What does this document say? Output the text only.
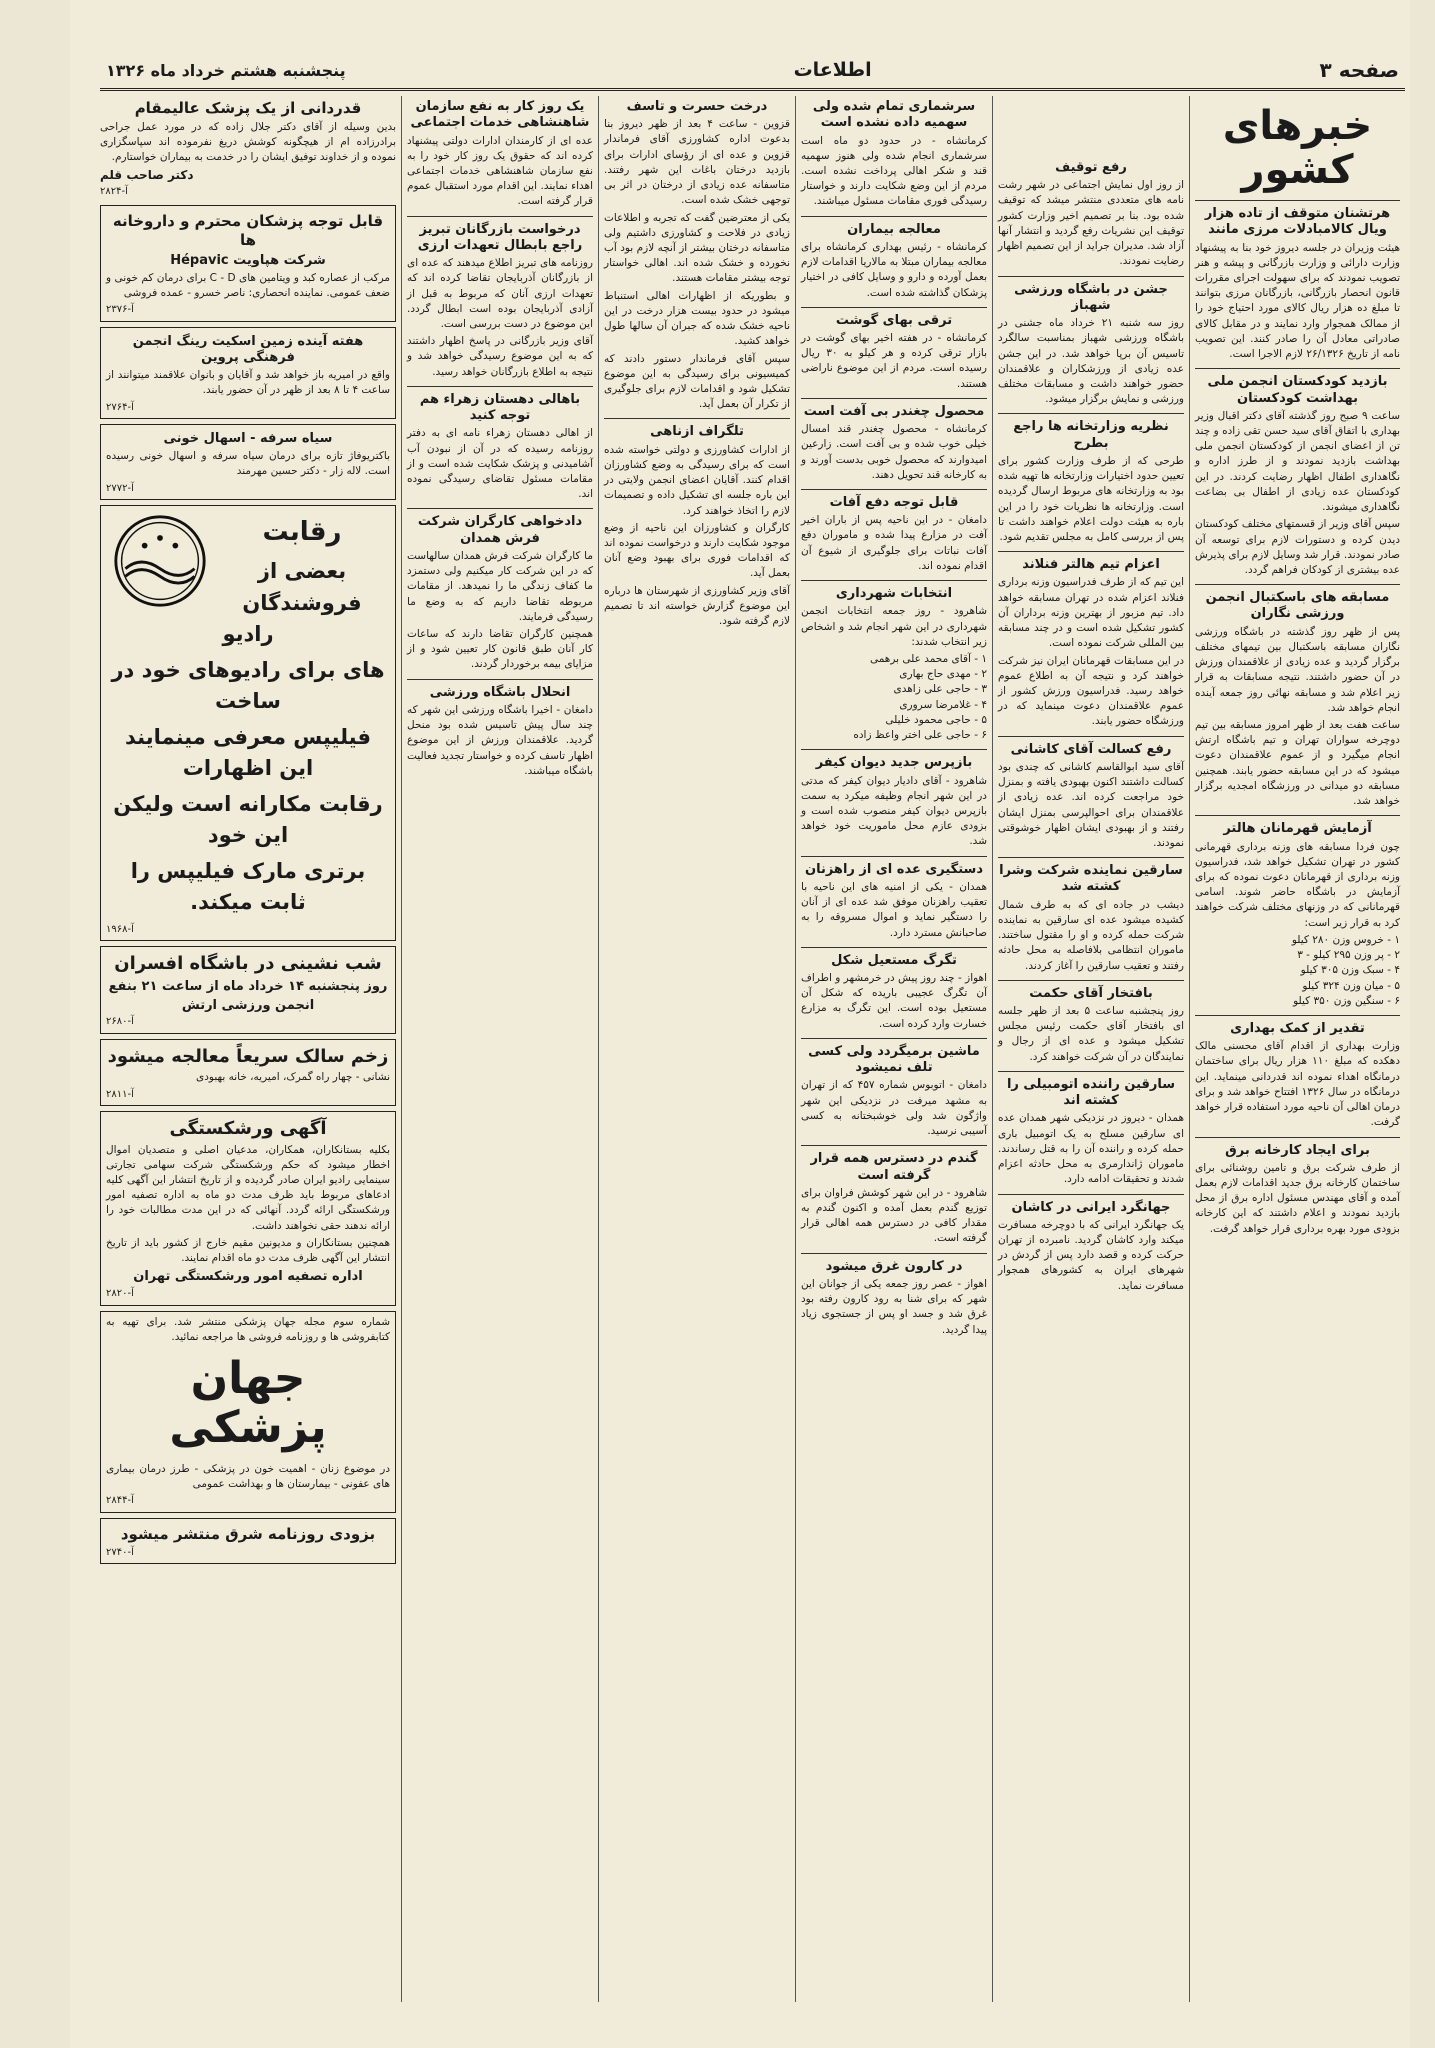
صفحه ۳
اطلاعات
پنجشنبه هشتم خرداد ماه ۱۳۲۶
خبرهای کشور
هرتشنان متوقف از تاده هزار ویال کالامبادلات مرزی مانند

هیئت وزیران در جلسه دیروز خود بنا به پیشنهاد وزارت دارائی و وزارت بازرگانی و پیشه و هنر تصویب نمودند که برای سهولت اجرای مقررات قانون انحصار بازرگانی، بازرگانان مرزی بتوانند تا مبلغ ده هزار ریال کالای مورد احتیاج خود را از ممالک همجوار وارد نمایند و در مقابل کالای صادراتی معادل آن را صادر کنند. این تصویب نامه از تاریخ ۲۶/۱۳۲۶ لازم الاجرا است.

بازدید کودکستان انجمن ملی بهداشت کودکستان

ساعت ۹ صبح روز گذشته آقای دکتر اقبال وزیر بهداری با اتفاق آقای سید حسن تقی زاده و چند تن از اعضای انجمن از کودکستان انجمن ملی بهداشت بازدید نمودند و از طرز اداره و نگاهداری اطفال اظهار رضایت کردند. در این کودکستان عده زیادی از اطفال بی بضاعت نگاهداری میشوند.

سپس آقای وزیر از قسمتهای مختلف کودکستان دیدن کرده و دستورات لازم برای توسعه آن صادر نمودند. قرار شد وسایل لازم برای پذیرش عده بیشتری از کودکان فراهم گردد.

مسابقه های باسکتبال انجمن ورزشی نگاران

پس از ظهر روز گذشته در باشگاه ورزشی نگاران مسابقه باسکتبال بین تیمهای مختلف برگزار گردید و عده زیادی از علاقمندان ورزش در آن حضور داشتند. نتیجه مسابقات به قرار زیر اعلام شد و مسابقه نهائی روز جمعه آینده انجام خواهد شد.

ساعت هفت بعد از ظهر امروز مسابقه بین تیم دوچرخه سواران تهران و تیم باشگاه ارتش انجام میگیرد و از عموم علاقمندان دعوت میشود که در این مسابقه حضور یابند. همچنین مسابقه دو میدانی در ورزشگاه امجدیه برگزار خواهد شد.

آزمایش قهرمانان هالتر

چون فردا مسابقه های وزنه برداری قهرمانی کشور در تهران تشکیل خواهد شد، فدراسیون وزنه برداری از قهرمانان دعوت نموده که برای آزمایش در باشگاه حاضر شوند. اسامی قهرمانانی که در وزنهای مختلف شرکت خواهند کرد به قرار زیر است:

۱ - خروس وزن ۲۸۰ کیلو

۲ - پر وزن ۲۹۵ کیلو - ۳

۴ - سبک وزن ۳۰۵ کیلو

۵ - میان وزن ۳۲۴ کیلو

۶ - سنگین وزن ۳۵۰ کیلو

تقدیر از کمک بهداری

وزارت بهداری از اقدام آقای محسنی مالک دهکده که مبلغ ۱۱۰ هزار ریال برای ساختمان درمانگاه اهداء نموده اند قدردانی مینماید. این درمانگاه در سال ۱۳۲۶ افتتاح خواهد شد و برای درمان اهالی آن ناحیه مورد استفاده قرار خواهد گرفت.

برای ایجاد کارخانه برق

از طرف شرکت برق و تامین روشنائی برای ساختمان کارخانه برق جدید اقدامات لازم بعمل آمده و آقای مهندس مسئول اداره برق از محل بازدید نمودند و اعلام داشتند که این کارخانه بزودی مورد بهره برداری قرار خواهد گرفت.

رفع توقیف

از روز اول نمایش اجتماعی در شهر رشت نامه های متعددی منتشر میشد که توقیف شده بود. بنا بر تصمیم اخیر وزارت کشور توقیف این نشریات رفع گردید و انتشار آنها آزاد شد. مدیران جراید از این تصمیم اظهار رضایت نمودند.

جشن در باشگاه ورزشی شهباز

روز سه شنبه ۲۱ خرداد ماه جشنی در باشگاه ورزشی شهباز بمناسبت سالگرد تاسیس آن برپا خواهد شد. در این جشن عده زیادی از ورزشکاران و علاقمندان حضور خواهند داشت و مسابقات مختلف ورزشی و نمایش برگزار میشود.

نظریه وزارتخانه ها راجع بطرح

طرحی که از طرف وزارت کشور برای تعیین حدود اختیارات وزارتخانه ها تهیه شده بود به وزارتخانه های مربوط ارسال گردیده است. وزارتخانه ها نظریات خود را در این باره به هیئت دولت اعلام خواهند داشت تا پس از بررسی کامل به مجلس تقدیم شود.

اعزام تیم هالتر فنلاند

این تیم که از طرف فدراسیون وزنه برداری فنلاند اعزام شده در تهران مسابقه خواهد داد. تیم مزبور از بهترین وزنه برداران آن کشور تشکیل شده است و در چند مسابقه بین المللی شرکت نموده است.

در این مسابقات قهرمانان ایران نیز شرکت خواهند کرد و نتیجه آن به اطلاع عموم خواهد رسید. فدراسیون ورزش کشور از عموم علاقمندان دعوت مینماید که در ورزشگاه حضور یابند.

رفع کسالت آقای کاشانی

آقای سید ابوالقاسم کاشانی که چندی بود کسالت داشتند اکنون بهبودی یافته و بمنزل خود مراجعت کرده اند. عده زیادی از علاقمندان برای احوالپرسی بمنزل ایشان رفتند و از بهبودی ایشان اظهار خوشوقتی نمودند.

سارقین نماینده شرکت وشرا کشته شد

دیشب در جاده ای که به طرف شمال کشیده میشود عده ای سارقین به نماینده شرکت حمله کرده و او را مقتول ساختند. ماموران انتظامی بلافاصله به محل حادثه رفتند و تعقیب سارقین را آغاز کردند.

بافتخار آقای حکمت

روز پنجشنبه ساعت ۵ بعد از ظهر جلسه ای بافتخار آقای حکمت رئیس مجلس تشکیل میشود و عده ای از رجال و نمایندگان در آن شرکت خواهند کرد.

سارقین راننده اتومبیلی را کشته اند

همدان - دیروز در نزدیکی شهر همدان عده ای سارقین مسلح به یک اتومبیل باری حمله کرده و راننده آن را به قتل رساندند. ماموران ژاندارمری به محل حادثه اعزام شدند و تحقیقات ادامه دارد.

جهانگرد ایرانی در کاشان

یک جهانگرد ایرانی که با دوچرخه مسافرت میکند وارد کاشان گردید. نامبرده از تهران حرکت کرده و قصد دارد پس از گردش در شهرهای ایران به کشورهای همجوار مسافرت نماید.

سرشماری تمام شده ولی سهمیه داده نشده است

کرمانشاه - در حدود دو ماه است سرشماری انجام شده ولی هنوز سهمیه قند و شکر اهالی پرداخت نشده است. مردم از این وضع شکایت دارند و خواستار رسیدگی فوری مقامات مسئول میباشند.

معالجه بیماران

کرمانشاه - رئیس بهداری کرمانشاه برای معالجه بیماران مبتلا به مالاریا اقدامات لازم بعمل آورده و دارو و وسایل کافی در اختیار پزشکان گذاشته شده است.

ترقی بهای گوشت

کرمانشاه - در هفته اخیر بهای گوشت در بازار ترقی کرده و هر کیلو به ۳۰ ریال رسیده است. مردم از این موضوع ناراضی هستند.

محصول چغندر بی آفت است

کرمانشاه - محصول چغندر قند امسال خیلی خوب شده و بی آفت است. زارعین امیدوارند که محصول خوبی بدست آورند و به کارخانه قند تحویل دهند.

قابل توجه دفع آفات

دامغان - در این ناحیه پس از باران اخیر آفت در مزارع پیدا شده و ماموران دفع آفات نباتات برای جلوگیری از شیوع آن اقدام نموده اند.

انتخابات شهرداری

شاهرود - روز جمعه انتخابات انجمن شهرداری در این شهر انجام شد و اشخاص زیر انتخاب شدند:

۱ - آقای محمد علی برهمی

۲ - مهدی حاج بهاری

۳ - حاجی علی زاهدی

۴ - غلامرضا سروری

۵ - حاجی محمود خلیلی

۶ - حاجی علی اختر واعظ زاده

بازپرس جدید دیوان کیفر

شاهرود - آقای دادیار دیوان کیفر که مدتی در این شهر انجام وظیفه میکرد به سمت بازپرس دیوان کیفر منصوب شده است و بزودی عازم محل ماموریت خود خواهد شد.

دستگیری عده ای از راهزنان

همدان - یکی از امنیه های این ناحیه با تعقیب راهزنان موفق شد عده ای از آنان را دستگیر نماید و اموال مسروقه را به صاحبانش مسترد دارد.

تگرگ مستعیل شکل

اهواز - چند روز پیش در خرمشهر و اطراف آن تگرگ عجیبی باریده که شکل آن مستعیل بوده است. این تگرگ به مزارع خسارت وارد کرده است.

ماشین برمیگردد ولی کسی تلف نمیشود

دامغان - اتوبوس شماره ۴۵۷ که از تهران به مشهد میرفت در نزدیکی این شهر واژگون شد ولی خوشبختانه به کسی آسیبی نرسید.

گندم در دسترس همه قرار گرفته است

شاهرود - در این شهر کوشش فراوان برای توزیع گندم بعمل آمده و اکنون گندم به مقدار کافی در دسترس همه اهالی قرار گرفته است.

در کارون غرق میشود

اهواز - عصر روز جمعه یکی از جوانان این شهر که برای شنا به رود کارون رفته بود غرق شد و جسد او پس از جستجوی زیاد پیدا گردید.

درخت حسرت و تاسف

قزوین - ساعت ۴ بعد از ظهر دیروز بنا بدعوت اداره کشاورزی آقای فرماندار قزوین و عده ای از رؤسای ادارات برای بازدید درختان باغات این شهر رفتند. متاسفانه عده زیادی از درختان در اثر بی توجهی خشک شده است.

یکی از معترضین گفت که تجربه و اطلاعات زیادی در فلاحت و کشاورزی داشتیم ولی متاسفانه درختان بیشتر از آنچه لازم بود آب نخورده و خشک شده اند. اهالی خواستار توجه بیشتر مقامات هستند.

و بطوریکه از اظهارات اهالی استنباط میشود در حدود بیست هزار درخت در این ناحیه خشک شده که جبران آن سالها طول خواهد کشید.

سپس آقای فرماندار دستور دادند که کمیسیونی برای رسیدگی به این موضوع تشکیل شود و اقدامات لازم برای جلوگیری از تکرار آن بعمل آید.

تلگراف ازناهی

از ادارات کشاورزی و دولتی خواسته شده است که برای رسیدگی به وضع کشاورزان اقدام کنند. آقایان اعضای انجمن ولایتی در این باره جلسه ای تشکیل داده و تصمیمات لازم را اتخاذ خواهند کرد.

کارگران و کشاورزان این ناحیه از وضع موجود شکایت دارند و درخواست نموده اند که اقدامات فوری برای بهبود وضع آنان بعمل آید.

آقای وزیر کشاورزی از شهرستان ها درباره این موضوع گزارش خواسته اند تا تصمیم لازم گرفته شود.

یک روز کار به نفع سازمان شاهنشاهی خدمات اجتماعی

عده ای از کارمندان ادارات دولتی پیشنهاد کرده اند که حقوق یک روز کار خود را به نفع سازمان شاهنشاهی خدمات اجتماعی اهداء نمایند. این اقدام مورد استقبال عموم قرار گرفته است.

درخواست بازرگانان تبریز راجع بابطال تعهدات ارزی

روزنامه های تبریز اطلاع میدهند که عده ای از بازرگانان آذربایجان تقاضا کرده اند که تعهدات ارزی آنان که مربوط به قبل از آزادی آذربایجان بوده است ابطال گردد. این موضوع در دست بررسی است.

آقای وزیر بازرگانی در پاسخ اظهار داشتند که به این موضوع رسیدگی خواهد شد و نتیجه به اطلاع بازرگانان خواهد رسید.

باهالی دهستان زهراء هم توجه کنید

از اهالی دهستان زهراء نامه ای به دفتر روزنامه رسیده که در آن از نبودن آب آشامیدنی و پزشک شکایت شده است و از مقامات مسئول تقاضای رسیدگی نموده اند.

دادخواهی کارگران شرکت فرش همدان

ما کارگران شرکت فرش همدان سالهاست که در این شرکت کار میکنیم ولی دستمزد ما کفاف زندگی ما را نمیدهد. از مقامات مربوطه تقاضا داریم که به وضع ما رسیدگی فرمایند.

همچنین کارگران تقاضا دارند که ساعات کار آنان طبق قانون کار تعیین شود و از مزایای بیمه برخوردار گردند.

انحلال باشگاه ورزشی

دامغان - اخیرا باشگاه ورزشی این شهر که چند سال پیش تاسیس شده بود منحل گردید. علاقمندان ورزش از این موضوع اظهار تاسف کرده و خواستار تجدید فعالیت باشگاه میباشند.

قدردانی از یک پزشک عالیمقام

بدین وسیله از آقای دکتر جلال زاده که در مورد عمل جراحی برادرزاده ام از هیچگونه کوشش دریغ نفرموده اند سپاسگزاری نموده و از خداوند توفیق ایشان را در خدمت به بیماران خواستارم.

دکتر صاحب قلم
آ-۲۸۲۴
قابل توجه پزشکان محترم و داروخانه ها
شرکت هپاویت Hépavic

مرکب از عصاره کبد و ویتامین های C - D برای درمان کم خونی و ضعف عمومی. نماینده انحصاری: ناصر خسرو - عمده فروشی

آ-۲۳۷۶
هفته آینده زمین اسکیت رینگ انجمن فرهنگی پروین

واقع در امیریه باز خواهد شد و آقایان و بانوان علاقمند میتوانند از ساعت ۴ تا ۸ بعد از ظهر در آن حضور یابند.

آ-۲۷۶۴
سیاه سرفه - اسهال خونی

باکتریوفاژ تازه برای درمان سیاه سرفه و اسهال خونی رسیده است. لاله زار - دکتر حسین مهرمند

آ-۲۷۷۲
رقابت
بعضی از فروشندگان رادیو
های برای رادیوهای خود در ساخت
فیلیپس معرفی مینمایند این اظهارات
رقابت مکارانه است ولیکن این خود
برتری مارک فیلیپس را ثابت میکند.
آ-۱۹۶۸
شب نشینی در باشگاه افسران
روز پنجشنبه ۱۴ خرداد ماه از ساعت ۲۱ بنفع انجمن ورزشی ارتش
آ-۲۶۸۰
زخم سالک سریعاً معالجه میشود

نشانی - چهار راه گمرک، امیریه، خانه بهبودی

آ-۲۸۱۱
آگهی ورشکستگی

بکلیه بستانکاران، همکاران، مدعیان اصلی و متصدیان اموال اخطار میشود که حکم ورشکستگی شرکت سهامی تجارتی سینمایی رادیو ایران صادر گردیده و از تاریخ انتشار این آگهی کلیه ادعاهای مربوط باید ظرف مدت دو ماه به اداره تصفیه امور ورشکستگی ارائه گردد. آنهائی که در این مدت مطالبات خود را ارائه ندهند حقی نخواهند داشت.

همچنین بستانکاران و مدیونین مقیم خارج از کشور باید از تاریخ انتشار این آگهی ظرف مدت دو ماه اقدام نمایند.

اداره تصفیه امور ورشکستگی تهران
آ-۲۸۲۰

شماره سوم مجله جهان پزشکی منتشر شد. برای تهیه به کتابفروشی ها و روزنامه فروشی ها مراجعه نمائید.

جهان پزشکی

در موضوع زنان - اهمیت خون در پزشکی - طرز درمان بیماری های عفونی - بیمارستان ها و بهداشت عمومی

آ-۲۸۴۴
بزودی روزنامه شرق منتشر میشود
آ-۲۷۴۰
